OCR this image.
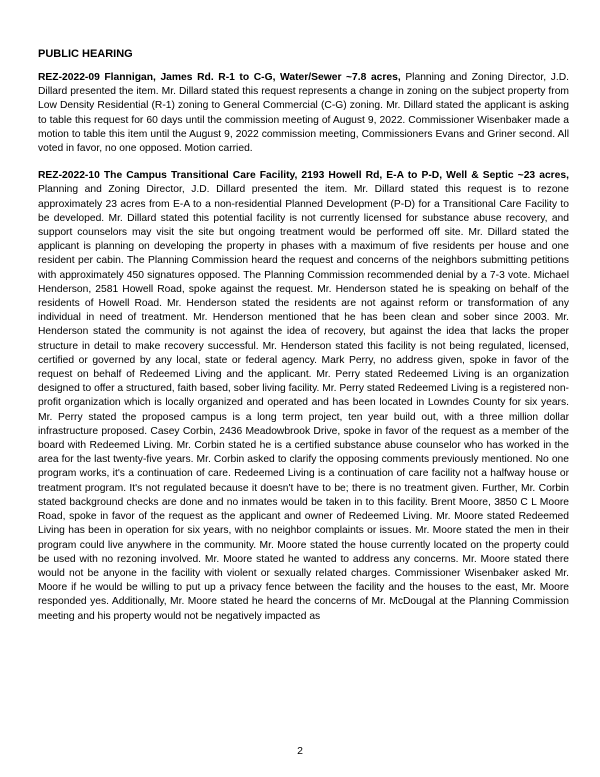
PUBLIC HEARING

REZ-2022-09 Flannigan, James Rd. R-1 to C-G, Water/Sewer ~7.8 acres, Planning and Zoning Director, J.D. Dillard presented the item. Mr. Dillard stated this request represents a change in zoning on the subject property from Low Density Residential (R-1) zoning to General Commercial (C-G) zoning. Mr. Dillard stated the applicant is asking to table this request for 60 days until the commission meeting of August 9, 2022. Commissioner Wisenbaker made a motion to table this item until the August 9, 2022 commission meeting, Commissioners Evans and Griner second. All voted in favor, no one opposed. Motion carried.

REZ-2022-10 The Campus Transitional Care Facility, 2193 Howell Rd, E-A to P-D, Well & Septic ~23 acres, Planning and Zoning Director, J.D. Dillard presented the item. Mr. Dillard stated this request is to rezone approximately 23 acres from E-A to a non-residential Planned Development (P-D) for a Transitional Care Facility to be developed. Mr. Dillard stated this potential facility is not currently licensed for substance abuse recovery, and support counselors may visit the site but ongoing treatment would be performed off site. Mr. Dillard stated the applicant is planning on developing the property in phases with a maximum of five residents per house and one resident per cabin. The Planning Commission heard the request and concerns of the neighbors submitting petitions with approximately 450 signatures opposed. The Planning Commission recommended denial by a 7-3 vote. Michael Henderson, 2581 Howell Road, spoke against the request. Mr. Henderson stated he is speaking on behalf of the residents of Howell Road. Mr. Henderson stated the residents are not against reform or transformation of any individual in need of treatment. Mr. Henderson mentioned that he has been clean and sober since 2003. Mr. Henderson stated the community is not against the idea of recovery, but against the idea that lacks the proper structure in detail to make recovery successful. Mr. Henderson stated this facility is not being regulated, licensed, certified or governed by any local, state or federal agency. Mark Perry, no address given, spoke in favor of the request on behalf of Redeemed Living and the applicant. Mr. Perry stated Redeemed Living is an organization designed to offer a structured, faith based, sober living facility. Mr. Perry stated Redeemed Living is a registered non-profit organization which is locally organized and operated and has been located in Lowndes County for six years. Mr. Perry stated the proposed campus is a long term project, ten year build out, with a three million dollar infrastructure proposed. Casey Corbin, 2436 Meadowbrook Drive, spoke in favor of the request as a member of the board with Redeemed Living. Mr. Corbin stated he is a certified substance abuse counselor who has worked in the area for the last twenty-five years. Mr. Corbin asked to clarify the opposing comments previously mentioned. No one program works, it's a continuation of care. Redeemed Living is a continuation of care facility not a halfway house or treatment program. It's not regulated because it doesn't have to be; there is no treatment given. Further, Mr. Corbin stated background checks are done and no inmates would be taken in to this facility. Brent Moore, 3850 C L Moore Road, spoke in favor of the request as the applicant and owner of Redeemed Living. Mr. Moore stated Redeemed Living has been in operation for six years, with no neighbor complaints or issues. Mr. Moore stated the men in their program could live anywhere in the community. Mr. Moore stated the house currently located on the property could be used with no rezoning involved. Mr. Moore stated he wanted to address any concerns. Mr. Moore stated there would not be anyone in the facility with violent or sexually related charges. Commissioner Wisenbaker asked Mr. Moore if he would be willing to put up a privacy fence between the facility and the houses to the east, Mr. Moore responded yes. Additionally, Mr. Moore stated he heard the concerns of Mr. McDougal at the Planning Commission meeting and his property would not be negatively impacted as

2
